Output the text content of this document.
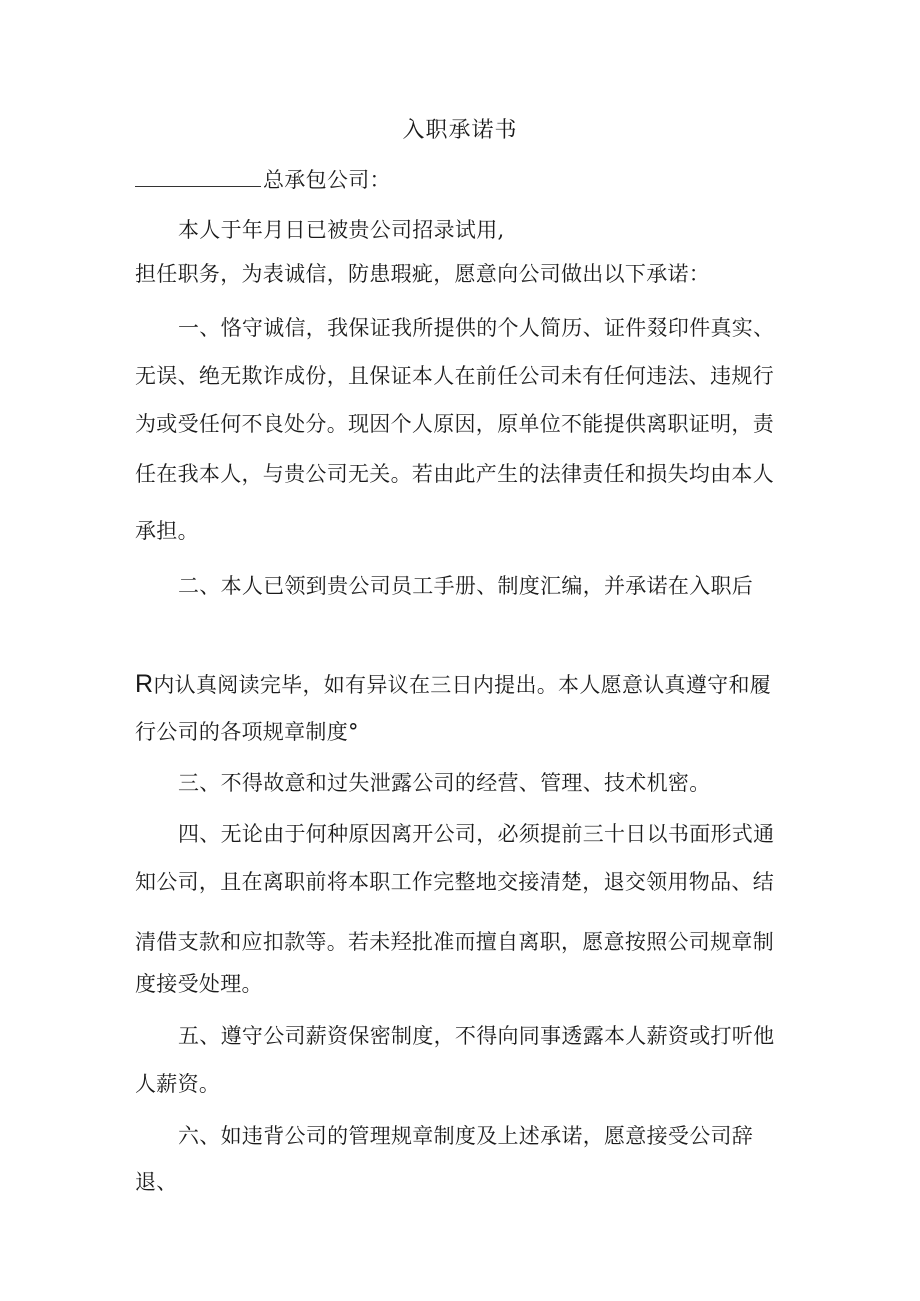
入职承诺书

总承包公司：

本人于年月日已被贵公司招录试用,

担任职务，为表诚信，防患瑕疵，愿意向公司做出以下承诺：

一、恪守诚信，我保证我所提供的个人简历、证件叕印件真实、

无误、绝无欺诈成份，且保证本人在前任公司未有任何违法、违规行

为或受任何不良处分。现因个人原因，原单位不能提供离职证明，责

任在我本人，与贵公司无关。若由此产生的法律责任和损失均由本人

承担。

二、本人已领到贵公司员工手册、制度汇编，并承诺在入职后

R内认真阅读完毕，如有异议在三日内提出。本人愿意认真遵守和履

行公司的各项规章制度°

三、不得故意和过失泄露公司的经营、管理、技术机密。

四、无论由于何种原因离开公司，必须提前三十日以书面形式通

知公司，且在离职前将本职工作完整地交接清楚，退交领用物品、结

清借支款和应扣款等。若未羟批准而擅自离职，愿意按照公司规章制

度接受处理。

五、遵守公司薪资保密制度，不得向同事透露本人薪资或打听他

人薪资。

六、如违背公司的管理规章制度及上述承诺，愿意接受公司辞

退、
